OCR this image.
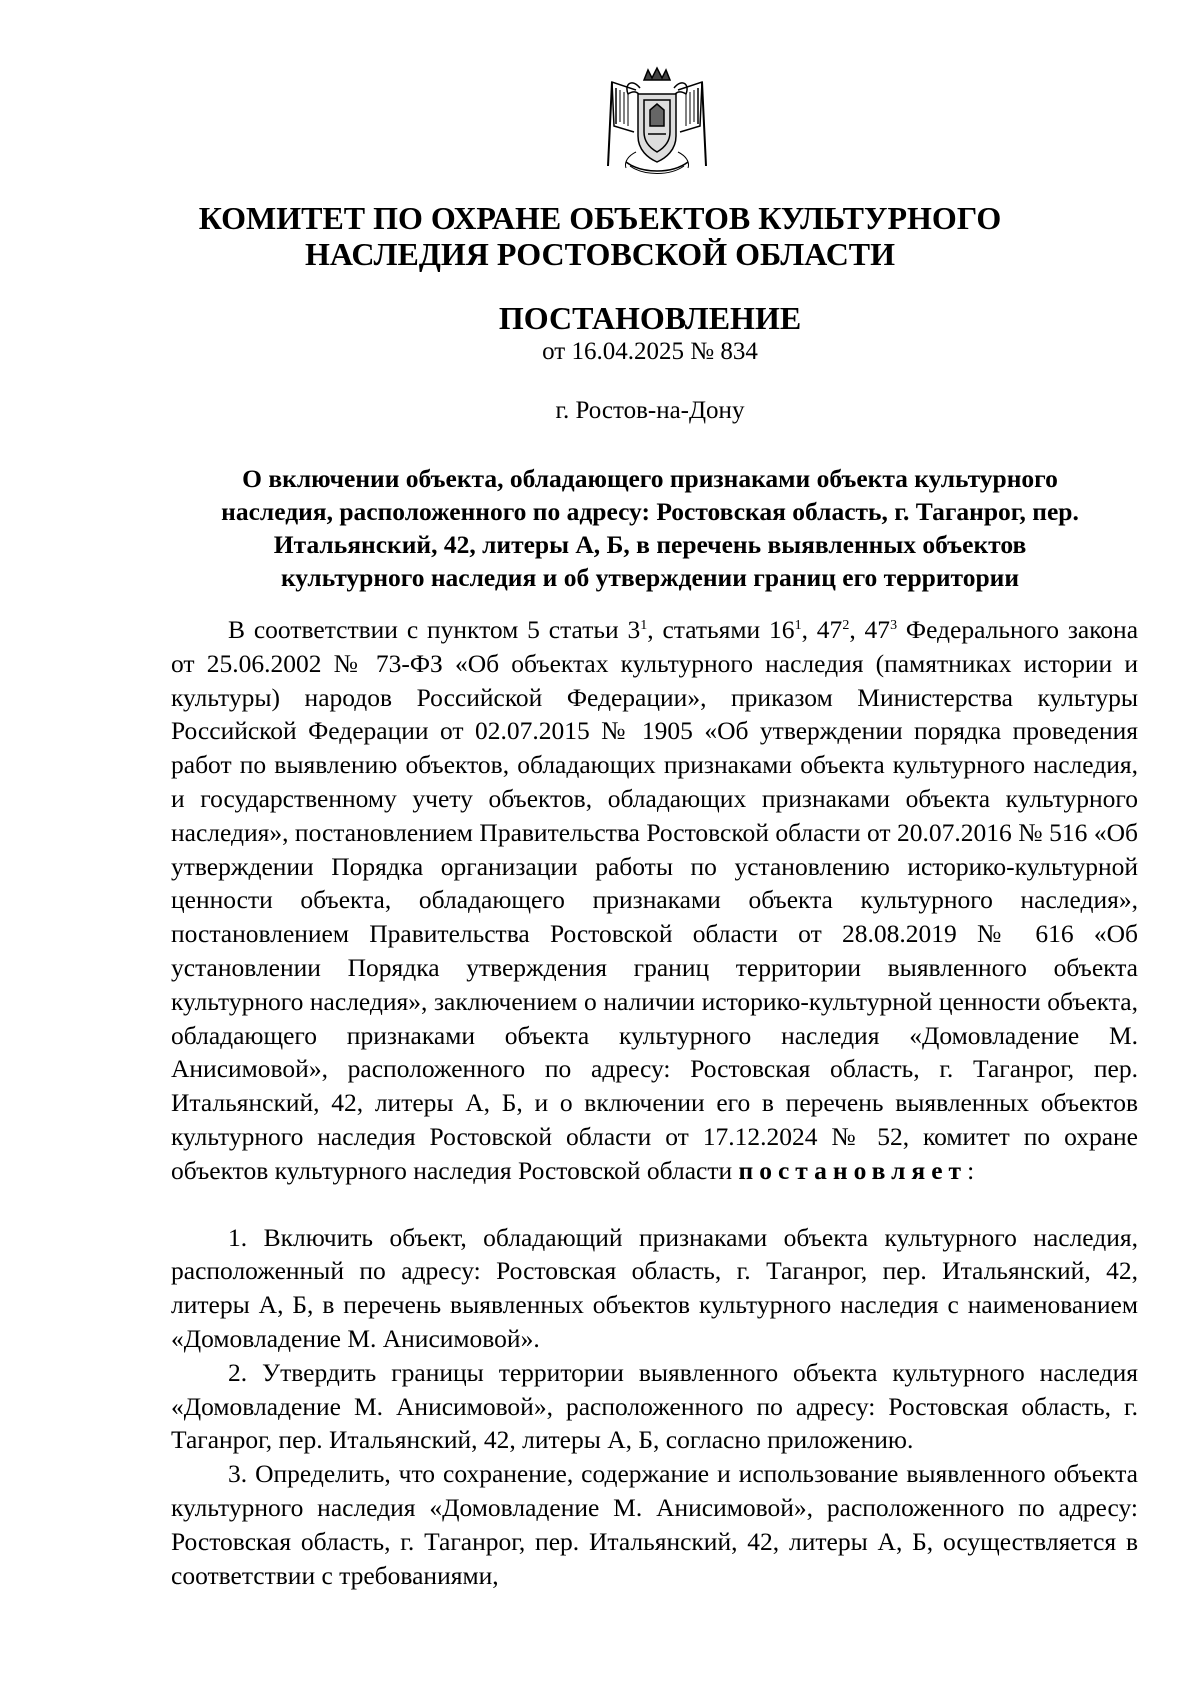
КОМИТЕТ ПО ОХРАНЕ ОБЪЕКТОВ КУЛЬТУРНОГО
НАСЛЕДИЯ РОСТОВСКОЙ ОБЛАСТИ
ПОСТАНОВЛЕНИЕ
от 16.04.2025 № 834
г. Ростов-на-Дону
О включении объекта, обладающего признаками объекта культурного наследия, расположенного по адресу: Ростовская область, г. Таганрог, пер. Итальянский, 42, литеры А, Б, в перечень выявленных объектов культурного наследия и об утверждении границ его территории

В соответствии с пунктом 5 статьи $3^1$, статьями $16^1$, $47^2$, $47^3$ Федерального закона от 25.06.2002 № 73-ФЗ «Об объектах культурного наследия (памятниках истории и культуры) народов Российской Федерации», приказом Министерства культуры Российской Федерации от 02.07.2015 № 1905 «Об утверждении порядка проведения работ по выявлению объектов, обладающих признаками объекта культурного наследия, и государственному учету объектов, обладающих признаками объекта культурного наследия», постановлением Правительства Ростовской области от 20.07.2016 № 516 «Об утверждении Порядка организации работы по установлению историко-культурной ценности объекта, обладающего признаками объекта культурного наследия», постановлением Правительства Ростовской области от 28.08.2019 № 616 «Об установлении Порядка утверждения границ территории выявленного объекта культурного наследия», заключением о наличии историко-культурной ценности объекта, обладающего признаками объекта культурного наследия «Домовладение М. Анисимовой», расположенного по адресу: Ростовская область, г. Таганрог, пер. Итальянский, 42, литеры А, Б, и о включении его в перечень выявленных объектов культурного наследия Ростовской области от 17.12.2024 № 52, комитет по охране объектов культурного наследия Ростовской области постановляет:

1. Включить объект, обладающий признаками объекта культурного наследия, расположенный по адресу: Ростовская область, г. Таганрог, пер. Итальянский, 42, литеры А, Б, в перечень выявленных объектов культурного наследия с наименованием «Домовладение М. Анисимовой».

2. Утвердить границы территории выявленного объекта культурного наследия «Домовладение М. Анисимовой», расположенного по адресу: Ростовская область, г. Таганрог, пер. Итальянский, 42, литеры А, Б, согласно приложению.

3. Определить, что сохранение, содержание и использование выявленного объекта культурного наследия «Домовладение М. Анисимовой», расположенного по адресу: Ростовская область, г. Таганрог, пер. Итальянский, 42, литеры А, Б, осуществляется в соответствии с требованиями,
